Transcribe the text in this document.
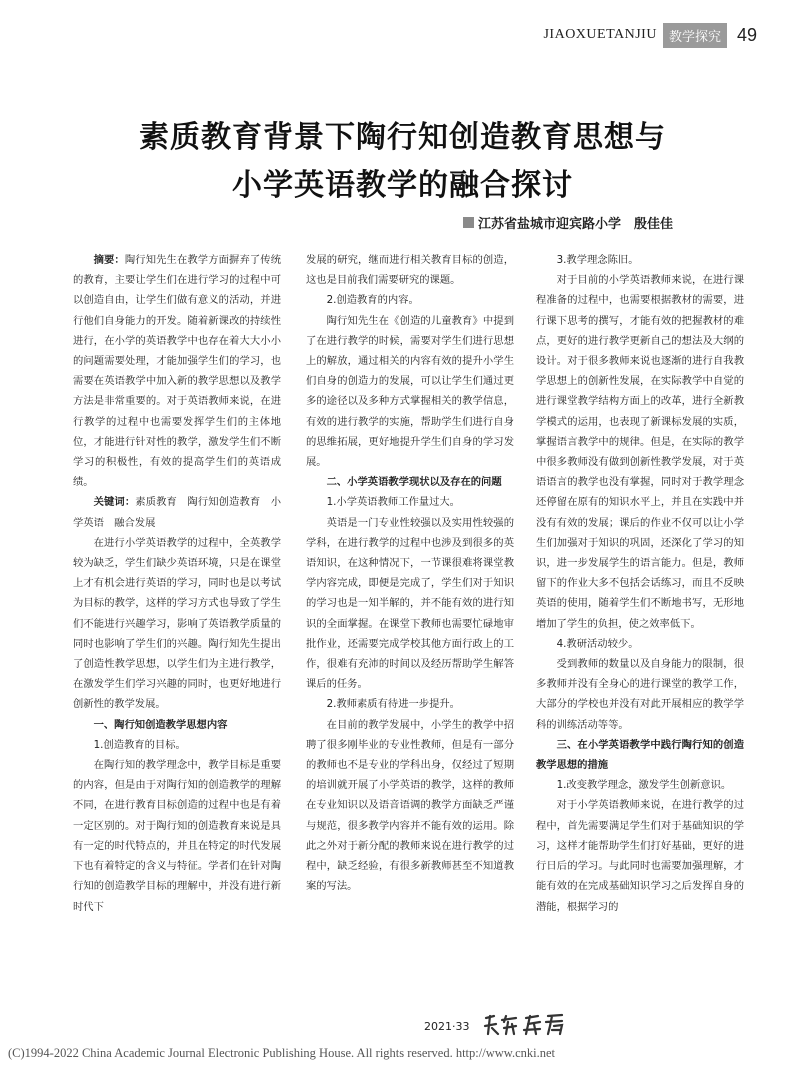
JIAOXUETANJIU 教学探究 49
素质教育背景下陶行知创造教育思想与
小学英语教学的融合探讨
江苏省盐城市迎宾路小学　殷佳佳

摘要：陶行知先生在教学方面摒弃了传统的教育，主要让学生们在进行学习的过程中可以创造自由，让学生们做有意义的活动，并进行他们自身能力的开发。随着新课改的持续性进行，在小学的英语教学中也存在着大大小小的问题需要处理，才能加强学生们的学习，也需要在英语教学中加入新的教学思想以及教学方法是非常重要的。对于英语教师来说，在进行教学的过程中也需要发挥学生们的主体地位，才能进行针对性的教学，激发学生们不断学习的积极性，有效的提高学生们的英语成绩。

关键词：素质教育　陶行知创造教育　小学英语　融合发展

在进行小学英语教学的过程中，全英教学较为缺乏，学生们缺少英语环境，只是在课堂上才有机会进行英语的学习，同时也是以考试为目标的教学，这样的学习方式也导致了学生们不能进行兴趣学习，影响了英语教学质量的同时也影响了学生们的兴趣。陶行知先生提出了创造性教学思想，以学生们为主进行教学，在激发学生们学习兴趣的同时，也更好地进行创新性的教学发展。

一、陶行知创造教学思想内容

1.创造教育的目标。

在陶行知的教学理念中，教学目标是重要的内容，但是由于对陶行知的创造教学的理解不同，在进行教育目标创造的过程中也是有着一定区别的。对于陶行知的创造教育来说是具有一定的时代特点的，并且在特定的时代发展下也有着特定的含义与特征。学者们在针对陶行知的创造教学目标的理解中，并没有进行新时代下

发展的研究，继而进行相关教育目标的创造，这也是目前我们需要研究的课题。

2.创造教育的内容。

陶行知先生在《创造的儿童教育》中提到了在进行教学的时候，需要对学生们进行思想上的解放，通过相关的内容有效的提升小学生们自身的创造力的发展，可以让学生们通过更多的途径以及多种方式掌握相关的教学信息，有效的进行教学的实施，帮助学生们进行自身的思维拓展，更好地提升学生们自身的学习发展。

二、小学英语教学现状以及存在的问题

1.小学英语教师工作量过大。

英语是一门专业性较强以及实用性较强的学科，在进行教学的过程中也涉及到很多的英语知识，在这种情况下，一节课很难将课堂教学内容完成，即便是完成了，学生们对于知识的学习也是一知半解的，并不能有效的进行知识的全面掌握。在课堂下教师也需要忙碌地审批作业，还需要完成学校其他方面行政上的工作，很难有充沛的时间以及经历帮助学生解答课后的任务。

2.教师素质有待进一步提升。

在目前的教学发展中，小学生的教学中招聘了很多刚毕业的专业性教师，但是有一部分的教师也不是专业的学科出身，仅经过了短期的培训就开展了小学英语的教学，这样的教师在专业知识以及语音语调的教学方面缺乏严谨与规范，很多教学内容并不能有效的运用。除此之外对于新分配的教师来说在进行教学的过程中，缺乏经验，有很多新教师甚至不知道教案的写法。

3.教学理念陈旧。

对于目前的小学英语教师来说，在进行课程准备的过程中，也需要根据教材的需要，进行课下思考的撰写，才能有效的把握教材的难点，更好的进行教学更新自己的想法及大纲的设计。对于很多教师来说也逐渐的进行自我教学思想上的创新性发展，在实际教学中自觉的进行课堂教学结构方面上的改革，进行全新教学模式的运用，也表现了新课标发展的实质，掌握语言教学中的规律。但是，在实际的教学中很多教师没有做到创新性教学发展，对于英语语言的教学也没有掌握，同时对于教学理念还停留在原有的知识水平上，并且在实践中并没有有效的发展；课后的作业不仅可以让小学生们加强对于知识的巩固，还深化了学习的知识，进一步发展学生的语言能力。但是，教师留下的作业大多不包括会话练习，而且不反映英语的使用，随着学生们不断地书写，无形地增加了学生的负担，使之效率低下。

4.教研活动较少。

受到教师的数量以及自身能力的限制，很多教师并没有全身心的进行课堂的教学工作，大部分的学校也并没有对此开展相应的教学学科的训练活动等等。

三、在小学英语教学中践行陶行知的创造教学思想的措施

1.改变教学理念，激发学生创新意识。

对于小学英语教师来说，在进行教学的过程中，首先需要满足学生们对于基础知识的学习，这样才能帮助学生们打好基础，更好的进行日后的学习。与此同时也需要加强理解，才能有效的在完成基础知识学习之后发挥自身的潜能，根据学习的

2021·33
(C)1994-2022 China Academic Journal Electronic Publishing House. All rights reserved. http://www.cnki.net
